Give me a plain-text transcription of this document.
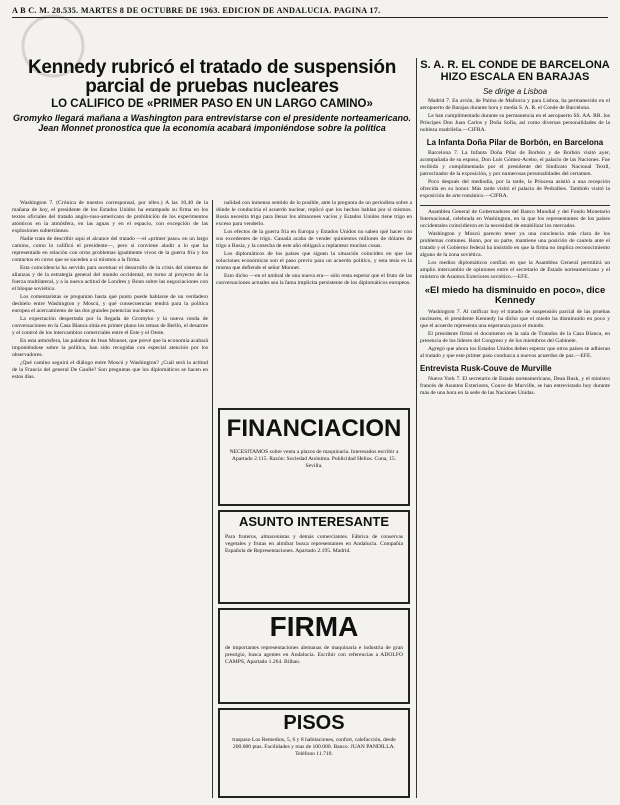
A B C. M. 28.535. MARTES 8 DE OCTUBRE DE 1963. EDICION DE ANDALUCIA. PAGINA 17.
Kennedy rubricó el tratado de suspensión parcial de pruebas nucleares
LO CALIFICO DE «PRIMER PASO EN UN LARGO CAMINO»
Gromyko llegará mañana a Washington para entrevistarse con el presidente norteamericano. Jean Monnet pronostica que la economía acabará imponiéndose sobre la política

Washington 7. (Crónica de nuestro corresponsal, por télex.) A las 10,40 de la mañana de hoy, el presidente de los Estados Unidos ha estampado su firma en los textos oficiales del tratado anglo-ruso-americano de prohibición de los experimentos atómicos en la atmósfera, en las aguas y en el espacio, con excepción de las explosiones subterráneas.

Nadie trata de describir aquí el alcance del tratado —el «primer paso» en un largo camino, como lo calificó el presidente—, pero si conviene aludir a lo que ha representado en relación con otros problemas igualmente vivos de la guerra fría y los contactos en curso que se suceden a sí mismos a la firma.

Esta coincidencia ha servido para acentuar el desarrollo de la crisis del sistema de alianzas y de la estrategia general del mundo occidental, en torno al proyecto de la fuerza multilateral, y a la nueva actitud de Londres y Bonn sobre las negociaciones con el bloque soviético.

Los comentaristas se preguntan hasta qué punto puede hablarse de un verdadero deshielo entre Washington y Moscú, y qué consecuencias tendrá para la política europea el acercamiento de las dos grandes potencias nucleares.

La expectación despertada por la llegada de Gromyko y la nueva ronda de conversaciones en la Casa Blanca sitúa en primer plano los temas de Berlín, el desarme y el control de los intercambios comerciales entre el Este y el Oeste.

En esta atmósfera, las palabras de Jean Monnet, que prevé que la economía acabará imponiéndose sobre la política, han sido recogidas con especial atención por los observadores.

¿Qué camino seguirá el diálogo entre Moscú y Washington? ¿Cuál será la actitud de la Francia del general De Gaulle? Son preguntas que los diplomáticos se hacen en estos días.

nalidad con inmenso sentido de lo posible, ante la pregunta de un periodista sobre a dónde le conduciría el acuerdo nuclear, replicó que los hechos hablan por sí mismos. Rusia necesita trigo para llenar los almacenes vacíos y Estados Unidos tiene trigo en exceso para venderlo.

Los efectos de la guerra fría en Europa y Estados Unidos no saben qué hacer con sus excedentes de trigo. Canadá acaba de vender quinientos millones de dólares de trigo a Rusia, y la cosecha de este año obligará a replantear muchas cosas.

Los diplomáticos de los países que siguen la situación coinciden en que las soluciones económicas son el paso previo para un acuerdo político, y esta tesis es la misma que defiende el señor Monnet.

Esto dicho —en el umbral de una nueva era— sólo resta esperar que el fruto de las conversaciones actuales sea la fama implícita persistente de los diplomáticos europeos.

FINANCIACION
NECESITAMOS sobre venta a plazos de maquinaria. Interesados escribir a Apartado 2.115. Razón: Sociedad Anónima. Publicidad Helios. Cuna, 15. Sevilla.
ASUNTO INTERESANTE
Para fruteros, almacenistas y demás comerciantes. Fábrica de conservas vegetales y frutas en almíbar busca representantes en Andalucía. Compañía Española de Representaciones. Apartado 2.195. Madrid.
FIRMA
de importantes representaciones alemanas de maquinaria e industria de gran prestigio, busca agentes en Andalucía. Escribir con referencias a ADOLFO CAMPS, Apartado 1.264. Bilbao.
PISOS
traspaso Los Remedios, 5, 6 y 8 habitaciones, confort, calefacción, desde 200.000 ptas. Facilidades y mas de 100.000. Banco. JUAN PANDILLA. Teléfono 11.710.
S. A. R. EL CONDE DE BARCELONA HIZO ESCALA EN BARAJAS
Se dirige a Lisboa

Madrid 7. En avión, de Palma de Mallorca y para Lisboa, ha permanecido en el aeropuerto de Barajas durante hora y media S. A. R. el Conde de Barcelona.

Le han cumplimentado durante su permanencia en el aeropuerto SS. AA. RR. los Príncipes Don Juan Carlos y Doña Sofía, así como diversas personalidades de la nobleza madrileña.—CIFRA.

La Infanta Doña Pilar de Borbón, en Barcelona

Barcelona 7. La Infanta Doña Pilar de Borbón y de Borbón visitó ayer, acompañada de su esposo, Don Luis Gómez-Acebo, el palacio de las Naciones. Fue recibida y cumplimentada por el presidente del Sindicato Nacional Textil, patrocinador de la exposición, y por numerosas personalidades del certamen.

Poco después del mediodía, por la tarde, la Princesa asistió a una recepción ofrecida en su honor. Más tarde visitó el palacio de Pedralbes. También visitó la exposición de arte románico.—CIFRA.

Asamblea General de Gobernadores del Banco Mundial y del Fondo Monetario Internacional, celebrada en Washington, en la que los representantes de los países occidentales coincidieron en la necesidad de estabilizar los mercados.

Washington y Moscú parecen tener ya una conciencia más clara de los problemas comunes. Bonn, por su parte, mantiene una posición de cautela ante el tratado y el Gobierno federal ha insistido en que la firma no implica reconocimiento alguno de la zona soviética.

Los medios diplomáticos confían en que la Asamblea General permitirá un amplio intercambio de opiniones entre el secretario de Estado norteamericano y el ministro de Asuntos Exteriores soviético.—EFE.

«El miedo ha disminuido en poco», dice Kennedy

Washington 7. Al ratificar hoy el tratado de suspensión parcial de las pruebas nucleares, el presidente Kennedy ha dicho que el miedo ha disminuido en poco y que el acuerdo representa una esperanza para el mundo.

El presidente firmó el documento en la sala de Tratados de la Casa Blanca, en presencia de los líderes del Congreso y de los miembros del Gabinete.

Agregó que ahora los Estados Unidos deben esperar que otros países se adhieran al tratado y que este primer paso conduzca a nuevos acuerdos de paz.—EFE.

Entrevista Rusk-Couve de Murville

Nueva York 7. El secretario de Estado norteamericano, Dean Rusk, y el ministro francés de Asuntos Exteriores, Couve de Murville, se han entrevistado hoy durante más de una hora en la sede de las Naciones Unidas.
